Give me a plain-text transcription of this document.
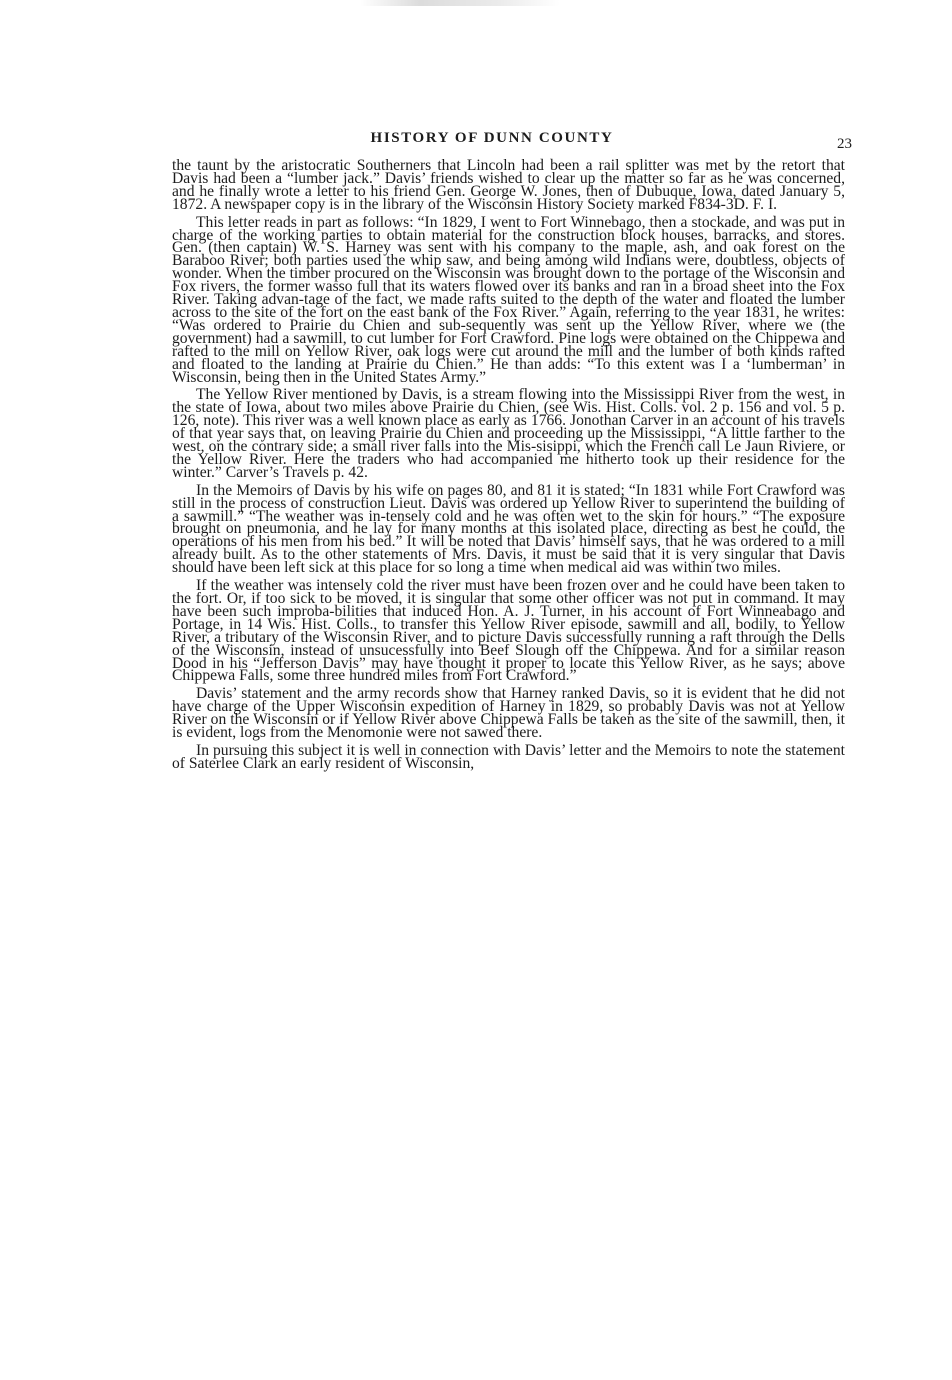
HISTORY OF DUNN COUNTY	23

the taunt by the aristocratic Southerners that Lincoln had been a rail splitter was met by the retort that Davis had been a “lumber jack.” Davis’ friends wished to clear up the matter so far as he was concerned, and he finally wrote a letter to his friend Gen. George W. Jones, then of Dubuque, Iowa, dated January 5, 1872. A newspaper copy is in the library of the Wisconsin History Society marked F834-3D. F. I.

This letter reads in part as follows: “In 1829, I went to Fort Winnebago, then a stockade, and was put in charge of the working parties to obtain material for the construction block houses, barracks, and stores. Gen. (then captain) W. S. Harney was sent with his company to the maple, ash, and oak forest on the Baraboo River; both parties used the whip saw, and being among wild Indians were, doubtless, objects of wonder. When the timber procured on the Wisconsin was brought down to the portage of the Wisconsin and Fox rivers, the former wasso full that its waters flowed over its banks and ran in a broad sheet into the Fox River. Taking advan-tage of the fact, we made rafts suited to the depth of the water and floated the lumber across to the site of the fort on the east bank of the Fox River.” Again, referring to the year 1831, he writes: “Was ordered to Prairie du Chien and sub-sequently was sent up the Yellow River, where we (the government) had a sawmill, to cut lumber for Fort Crawford. Pine logs were obtained on the Chippewa and rafted to the mill on Yellow River, oak logs were cut around the mill and the lumber of both kinds rafted and floated to the landing at Prairie du Chien.” He than adds: “To this extent was I a ‘lumberman’ in Wisconsin, being then in the United States Army.”

The Yellow River mentioned by Davis, is a stream flowing into the Mississippi River from the west, in the state of Iowa, about two miles above Prairie du Chien, (see Wis. Hist. Colls. vol. 2 p. 156 and vol. 5 p. 126, note). This river was a well known place as early as 1766. Jonothan Carver in an account of his travels of that year says that, on leaving Prairie du Chien and proceeding up the Mississippi, “A little farther to the west, on the contrary side; a small river falls into the Mis-sisippi, which the French call Le Jaun Riviere, or the Yellow River. Here the traders who had accompanied me hitherto took up their residence for the winter.” Carver’s Travels p. 42.

In the Memoirs of Davis by his wife on pages 80, and 81 it is stated; “In 1831 while Fort Crawford was still in the process of construction Lieut. Davis was ordered up Yellow River to superintend the building of a sawmill.” “The weather was in-tensely cold and he was often wet to the skin for hours.” “The exposure brought on pneumonia, and he lay for many months at this isolated place, directing as best he could, the operations of his men from his bed.” It will be noted that Davis’ himself says, that he was ordered to a mill already built. As to the other statements of Mrs. Davis, it must be said that it is very singular that Davis should have been left sick at this place for so long a time when medical aid was within two miles.

If the weather was intensely cold the river must have been frozen over and he could have been taken to the fort. Or, if too sick to be moved, it is singular that some other officer was not put in command. It may have been such improba-bilities that induced Hon. A. J. Turner, in his account of Fort Winneabago and Portage, in 14 Wis. Hist. Colls., to transfer this Yellow River episode, sawmill and all, bodily, to Yellow River, a tributary of the Wisconsin River, and to picture Davis successfully running a raft through the Dells of the Wisconsin, instead of unsucessfully into Beef Slough off the Chippewa. And for a similar reason Dood in his “Jefferson Davis” may have thought it proper to locate this Yellow River, as he says; above Chippewa Falls, some three hundred miles from Fort Crawford.”

Davis’ statement and the army records show that Harney ranked Davis, so it is evident that he did not have charge of the Upper Wisconsin expedition of Harney in 1829, so probably Davis was not at Yellow River on the Wisconsin or if Yellow River above Chippewa Falls be taken as the site of the sawmill, then, it is evident, logs from the Menomonie were not sawed there.

In pursuing this subject it is well in connection with Davis’ letter and the Memoirs to note the statement of Saterlee Clark an early resident of Wisconsin,
